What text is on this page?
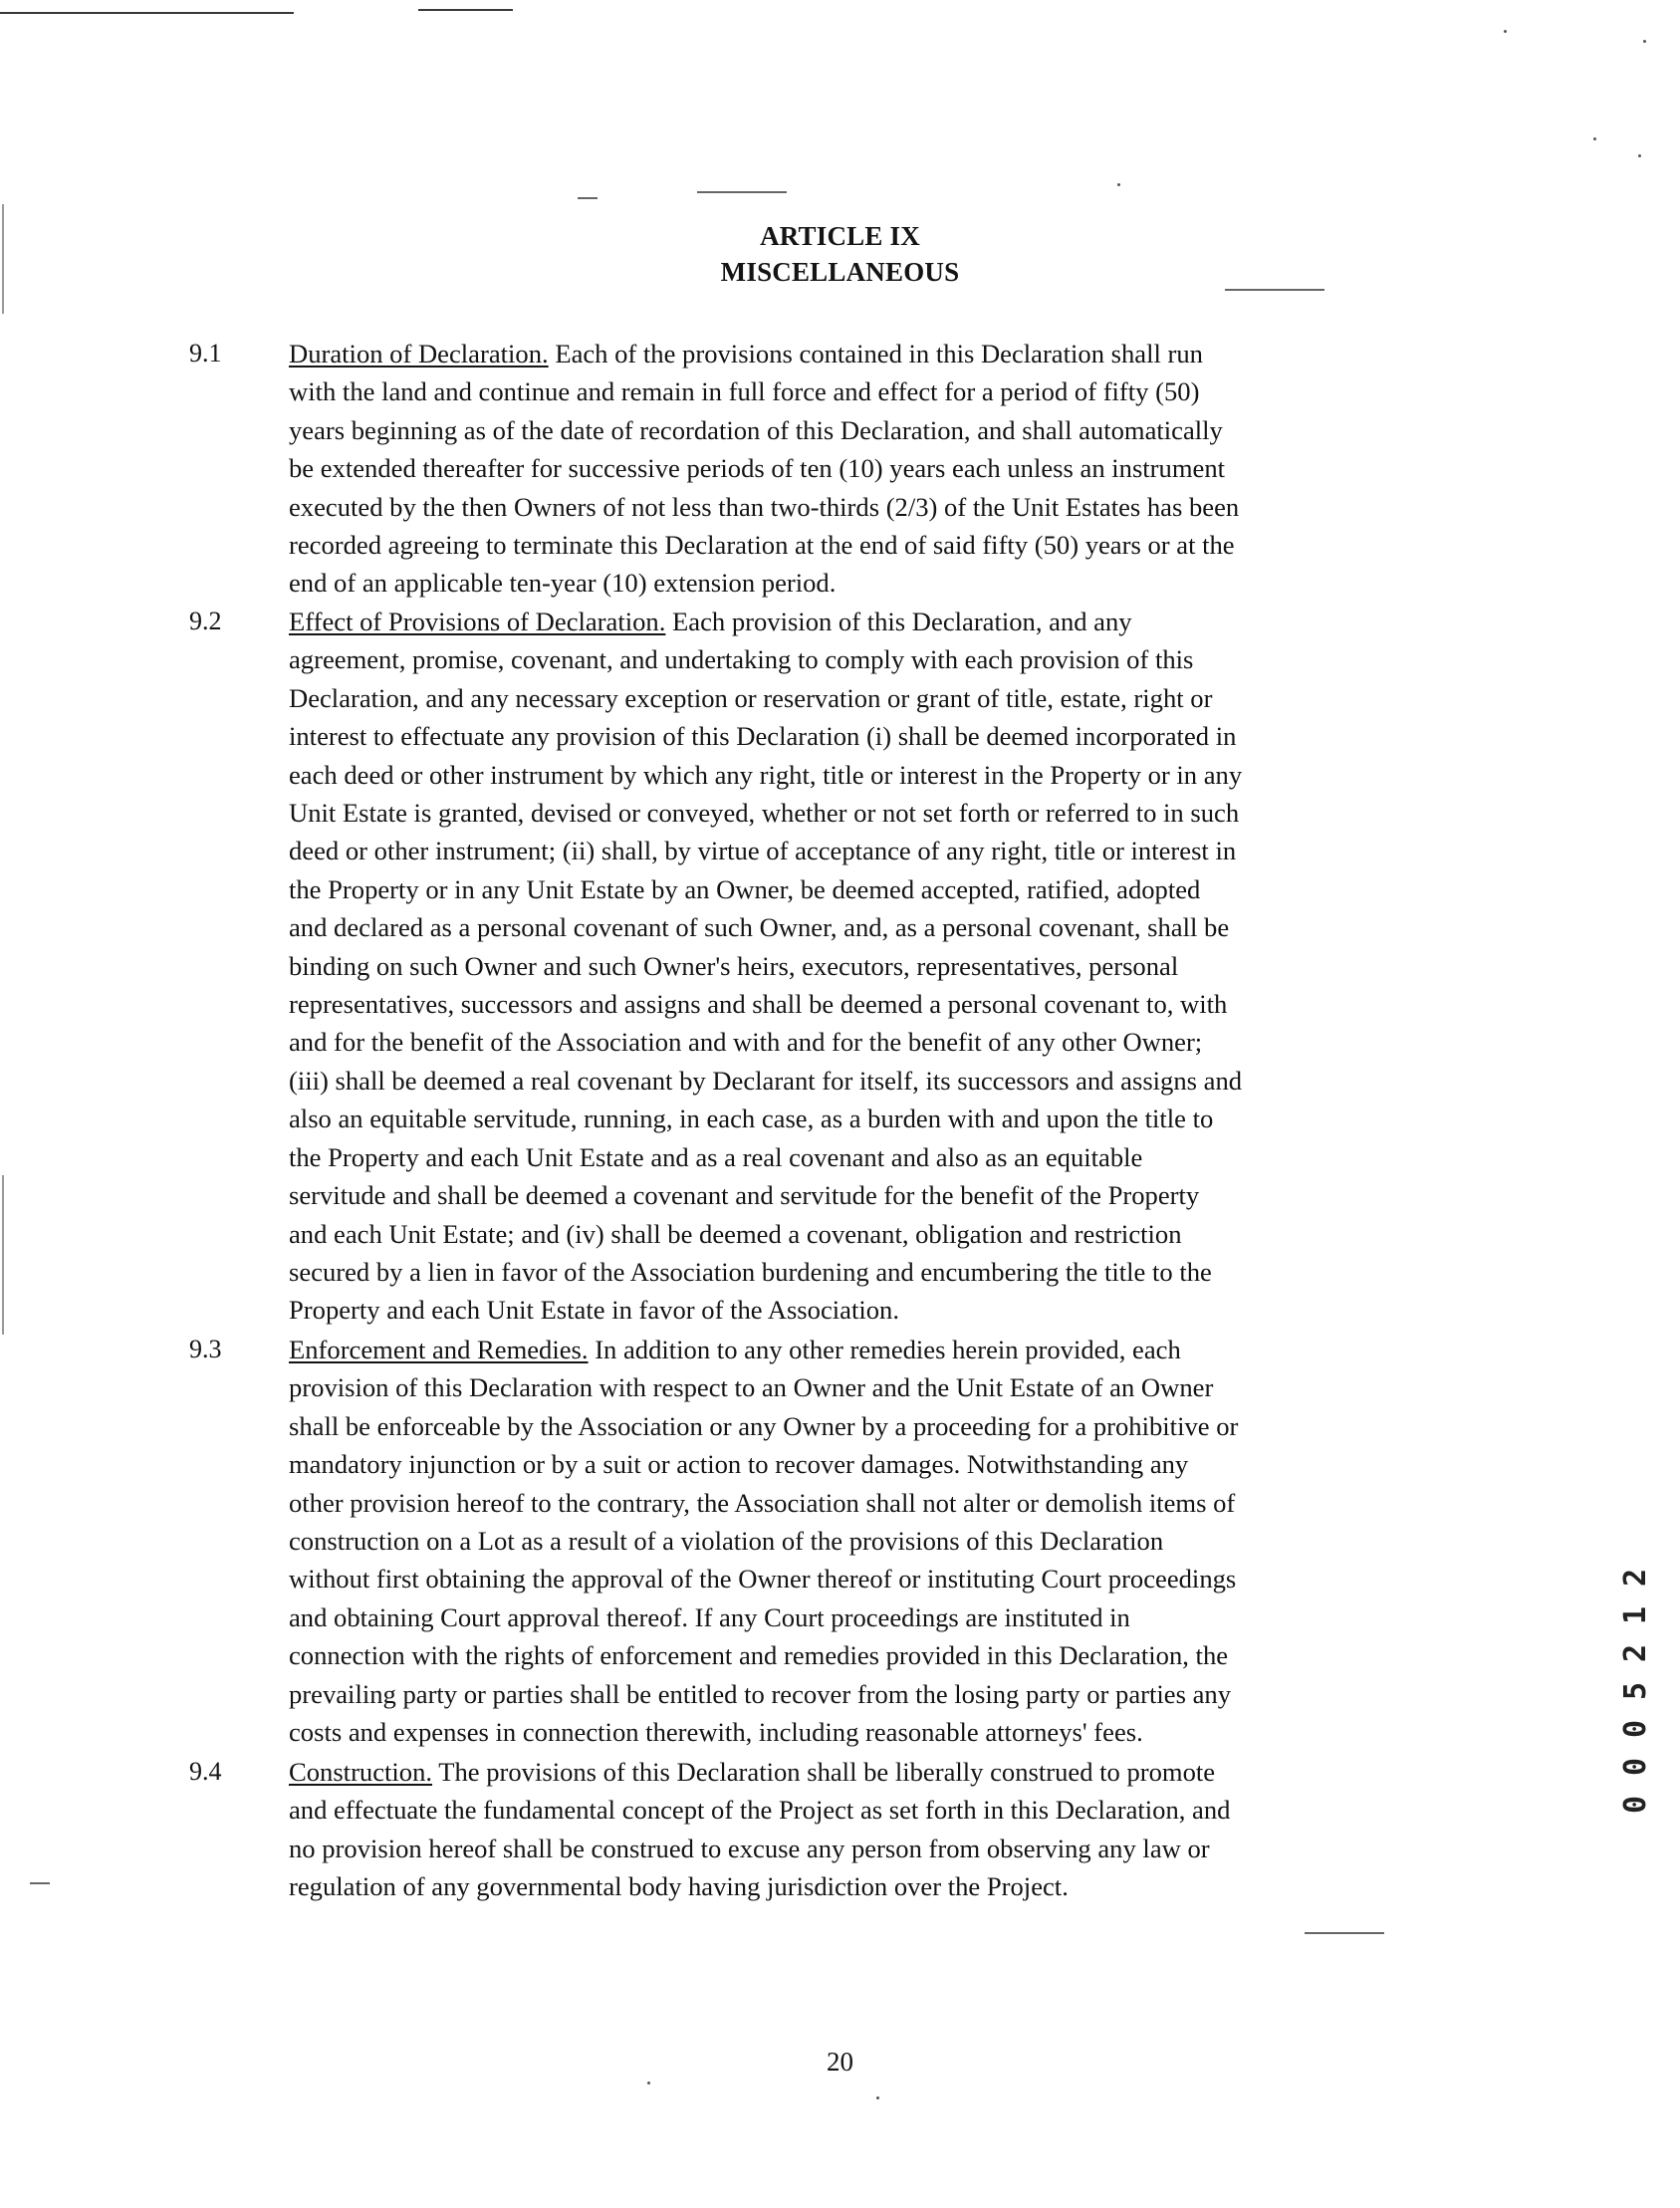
ARTICLE IX
MISCELLANEOUS
9.1	Duration of Declaration. Each of the provisions contained in this Declaration shall run
with the land and continue and remain in full force and effect for a period of fifty (50)
years beginning as of the date of recordation of this Declaration, and shall automatically
be extended thereafter for successive periods of ten (10) years each unless an instrument
executed by the then Owners of not less than two-thirds (2/3) of the Unit Estates has been
recorded agreeing to terminate this Declaration at the end of said fifty (50) years or at the
end of an applicable ten-year (10) extension period.
9.2	Effect of Provisions of Declaration. Each provision of this Declaration, and any
agreement, promise, covenant, and undertaking to comply with each provision of this
Declaration, and any necessary exception or reservation or grant of title, estate, right or
interest to effectuate any provision of this Declaration (i) shall be deemed incorporated in
each deed or other instrument by which any right, title or interest in the Property or in any
Unit Estate is granted, devised or conveyed, whether or not set forth or referred to in such
deed or other instrument; (ii) shall, by virtue of acceptance of any right, title or interest in
the Property or in any Unit Estate by an Owner, be deemed accepted, ratified, adopted
and declared as a personal covenant of such Owner, and, as a personal covenant, shall be
binding on such Owner and such Owner's heirs, executors, representatives, personal
representatives, successors and assigns and shall be deemed a personal covenant to, with
and for the benefit of the Association and with and for the benefit of any other Owner;
(iii) shall be deemed a real covenant by Declarant for itself, its successors and assigns and
also an equitable servitude, running, in each case, as a burden with and upon the title to
the Property and each Unit Estate and as a real covenant and also as an equitable
servitude and shall be deemed a covenant and servitude for the benefit of the Property
and each Unit Estate; and (iv) shall be deemed a covenant, obligation and restriction
secured by a lien in favor of the Association burdening and encumbering the title to the
Property and each Unit Estate in favor of the Association.
9.3	Enforcement and Remedies. In addition to any other remedies herein provided, each
provision of this Declaration with respect to an Owner and the Unit Estate of an Owner
shall be enforceable by the Association or any Owner by a proceeding for a prohibitive or
mandatory injunction or by a suit or action to recover damages. Notwithstanding any
other provision hereof to the contrary, the Association shall not alter or demolish items of
construction on a Lot as a result of a violation of the provisions of this Declaration
without first obtaining the approval of the Owner thereof or instituting Court proceedings
and obtaining Court approval thereof. If any Court proceedings are instituted in
connection with the rights of enforcement and remedies provided in this Declaration, the
prevailing party or parties shall be entitled to recover from the losing party or parties any
costs and expenses in connection therewith, including reasonable attorneys' fees.
9.4	Construction. The provisions of this Declaration shall be liberally construed to promote
and effectuate the fundamental concept of the Project as set forth in this Declaration, and
no provision hereof shall be construed to excuse any person from observing any law or
regulation of any governmental body having jurisdiction over the Project.
2
1
2
5
0
0
0
20
